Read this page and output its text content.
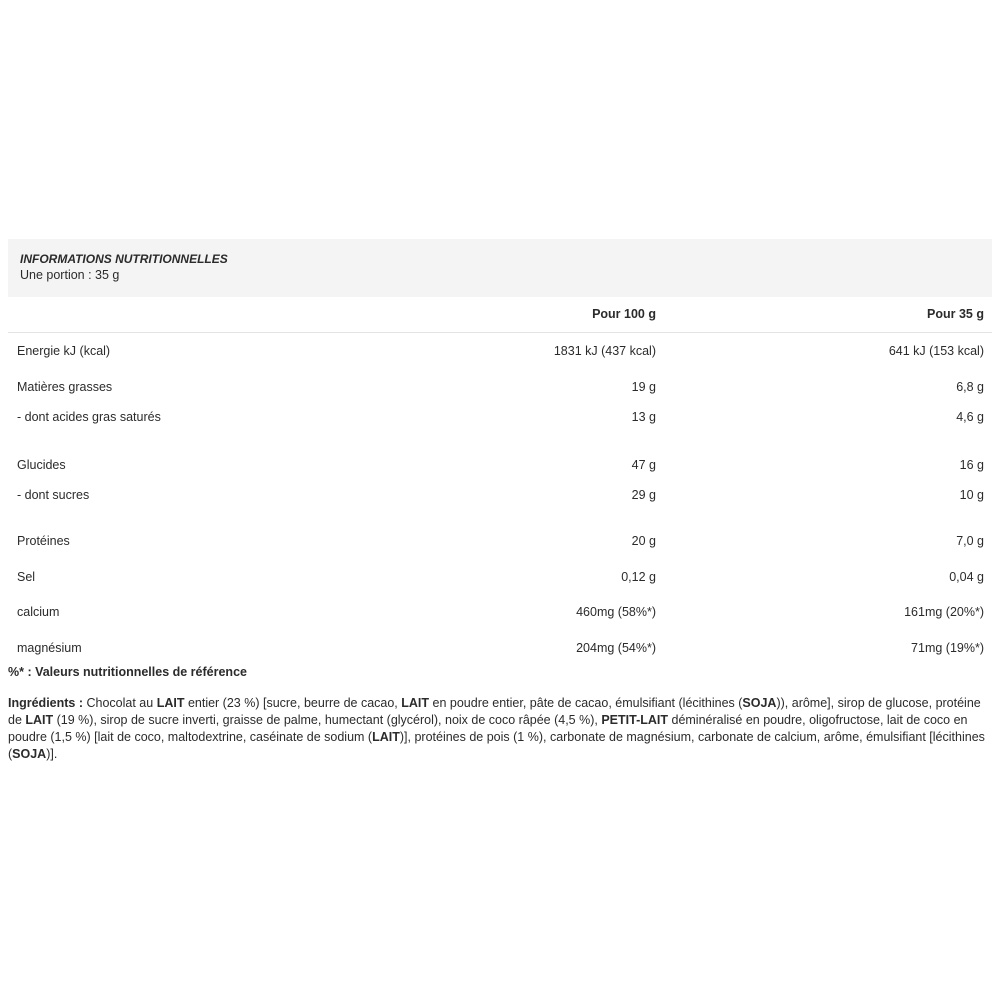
INFORMATIONS NUTRITIONNELLES
Une portion : 35 g
Pour 100 g	Pour 35 g
Energie kJ (kcal)	1831 kJ (437 kcal)	641 kJ (153 kcal)
Matières grasses	19 g	6,8 g
- dont acides gras saturés	13 g	4,6 g
Glucides	47 g	16 g
- dont sucres	29 g	10 g
Protéines	20 g	7,0 g
Sel	0,12 g	0,04 g
calcium	460mg (58%*)	161mg (20%*)
magnésium	204mg (54%*)	71mg (19%*)
%* : Valeurs nutritionnelles de référence
Ingrédients : Chocolat au LAIT entier (23 %) [sucre, beurre de cacao, LAIT en poudre entier, pâte de cacao, émulsifiant (lécithines (SOJA)), arôme], sirop de glucose, protéine de LAIT (19 %), sirop de sucre inverti, graisse de palme, humectant (glycérol), noix de coco râpée (4,5 %), PETIT-LAIT déminéralisé en poudre, oligofructose, lait de coco en poudre (1,5 %) [lait de coco, maltodextrine, caséinate de sodium (LAIT)], protéines de pois (1 %), carbonate de magnésium, carbonate de calcium, arôme, émulsifiant [lécithines (SOJA)].
